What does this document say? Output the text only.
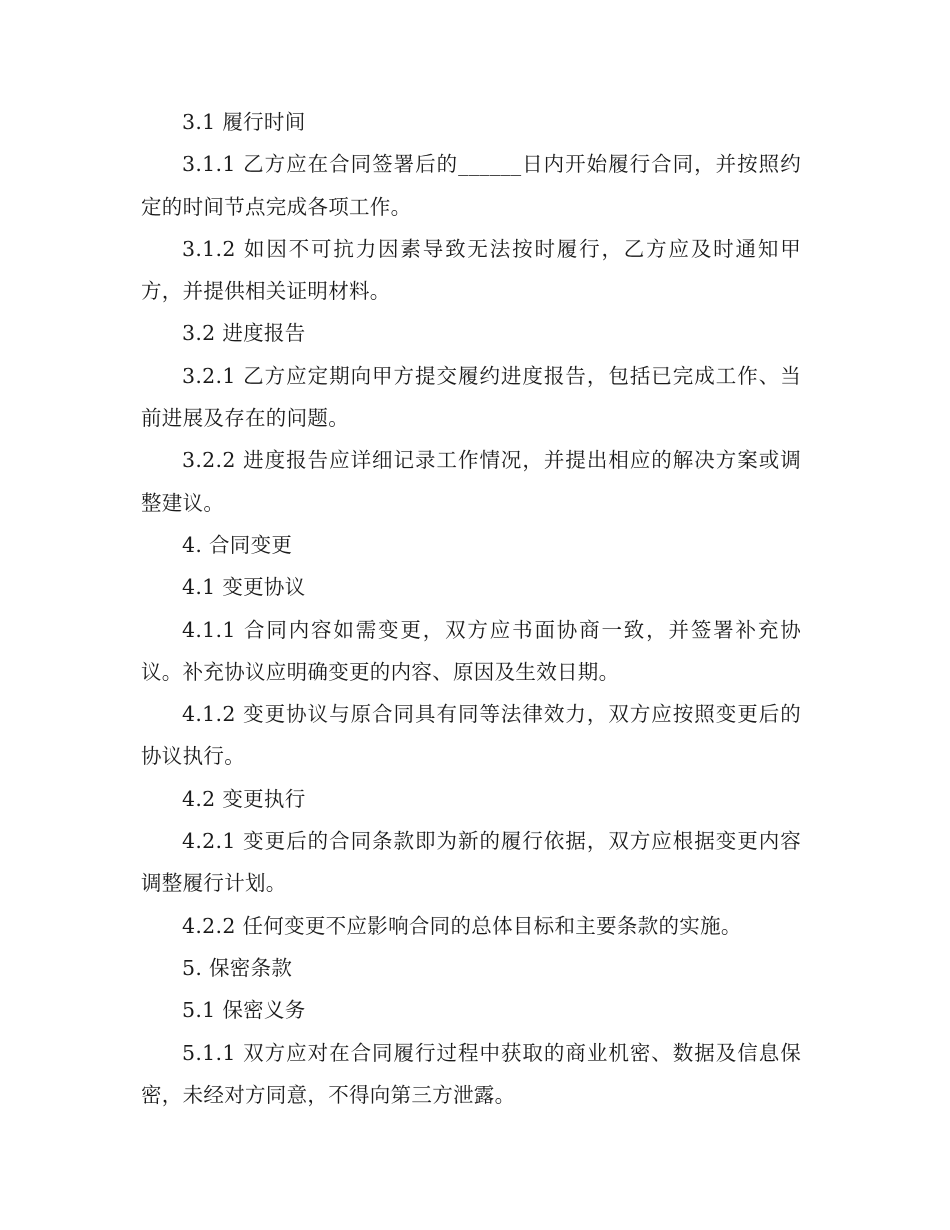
3.1 履行时间

3.1.1 乙方应在合同签署后的______日内开始履行合同，并按照约定的时间节点完成各项工作。

3.1.2 如因不可抗力因素导致无法按时履行，乙方应及时通知甲方，并提供相关证明材料。

3.2 进度报告

3.2.1 乙方应定期向甲方提交履约进度报告，包括已完成工作、当前进展及存在的问题。

3.2.2 进度报告应详细记录工作情况，并提出相应的解决方案或调整建议。

4. 合同变更

4.1 变更协议

4.1.1 合同内容如需变更，双方应书面协商一致，并签署补充协议。补充协议应明确变更的内容、原因及生效日期。

4.1.2 变更协议与原合同具有同等法律效力，双方应按照变更后的协议执行。

4.2 变更执行

4.2.1 变更后的合同条款即为新的履行依据，双方应根据变更内容调整履行计划。

4.2.2 任何变更不应影响合同的总体目标和主要条款的实施。

5. 保密条款

5.1 保密义务

5.1.1 双方应对在合同履行过程中获取的商业机密、数据及信息保密，未经对方同意，不得向第三方泄露。
